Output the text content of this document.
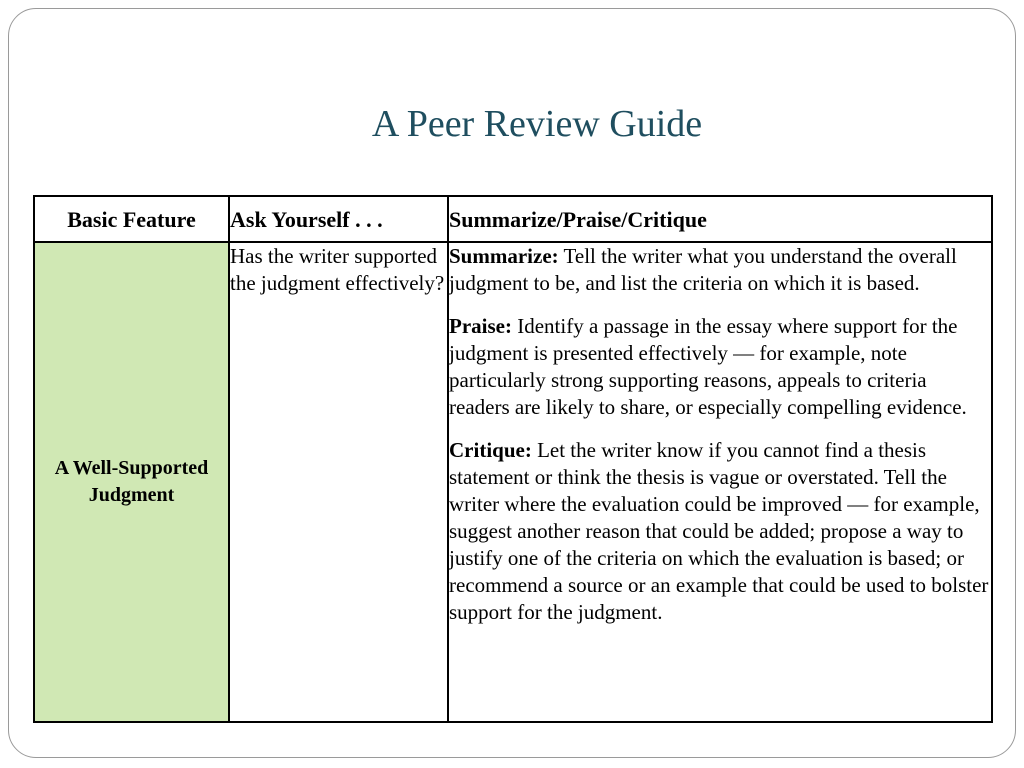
A Peer Review Guide
Basic Feature	Ask Yourself . . .	Summarize/Praise/Critique
A Well-Supported Judgment	Has the writer supported the judgment effectively?	Summarize: Tell the writer what you understand the overall judgment to be, and list the criteria on which it is based.

Praise: Identify a passage in the essay where support for the judgment is presented effectively — for example, note particularly strong supporting reasons, appeals to criteria readers are likely to share, or especially compelling evidence.

Critique: Let the writer know if you cannot find a thesis statement or think the thesis is vague or overstated. Tell the writer where the evaluation could be improved — for example, suggest another reason that could be added; propose a way to justify one of the criteria on which the evaluation is based; or recommend a source or an example that could be used to bolster support for the judgment.
